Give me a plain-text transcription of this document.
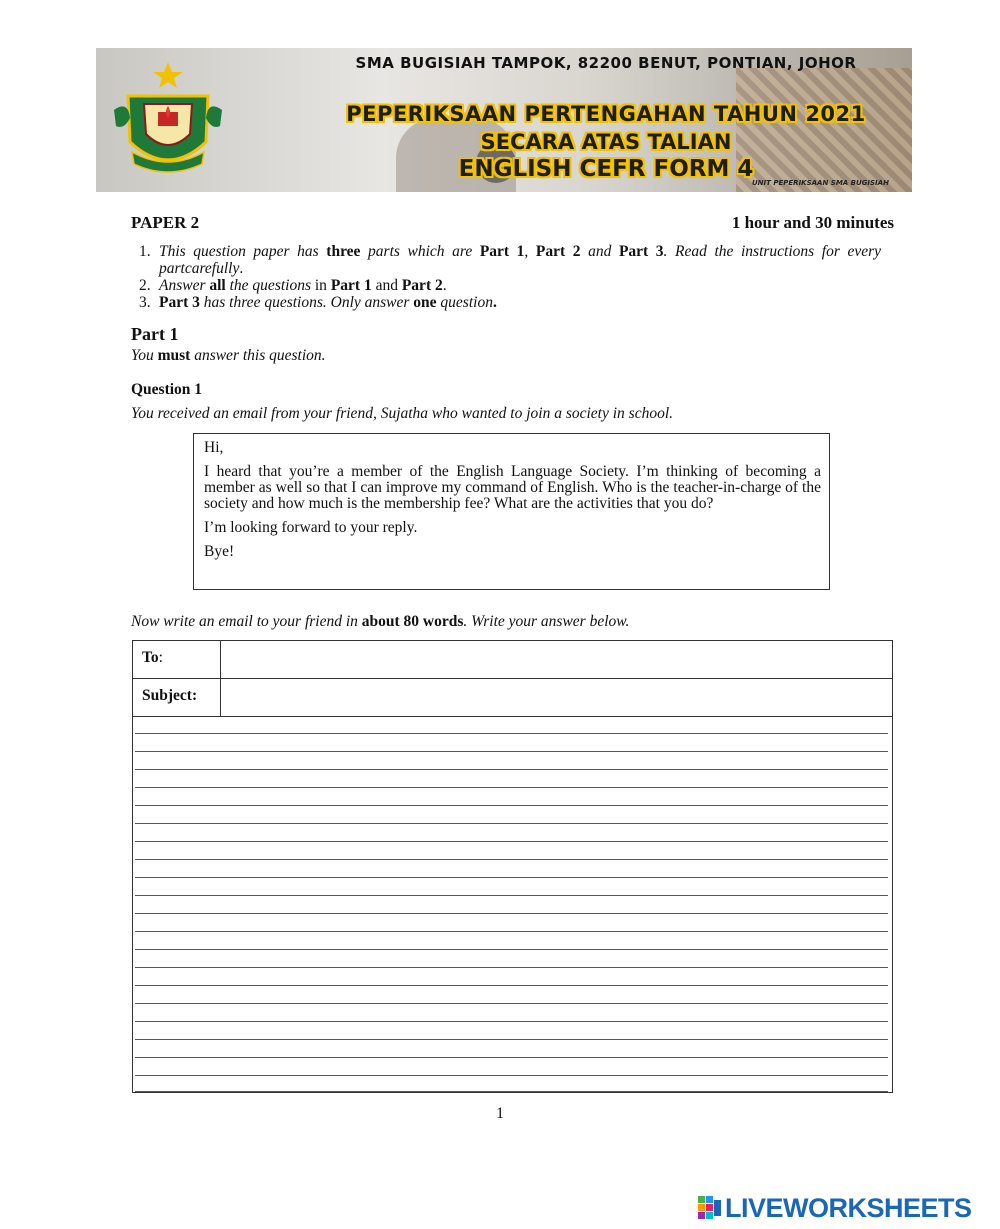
SMA BUGISIAH TAMPOK, 82200 BENUT, PONTIAN, JOHOR
PEPERIKSAAN PERTENGAHAN TAHUN 2021
SECARA ATAS TALIAN
ENGLISH CEFR FORM 4
UNIT PEPERIKSAAN SMA BUGISIAH
PAPER 2	1 hour and 30 minutes
1. This question paper has three parts which are Part 1, Part 2 and Part 3. Read the instructions for every partcarefully.
2. Answer all the questions in Part 1 and Part 2.
3. Part 3 has three questions. Only answer one question.
Part 1
You must answer this question.
Question 1
You received an email from your friend, Sujatha who wanted to join a society in school.

Hi,

I heard that you’re a member of the English Language Society. I’m thinking of becoming a member as well so that I can improve my command of English. Who is the teacher-in-charge of the society and how much is the membership fee? What are the activities that you do?

I’m looking forward to your reply.

Bye!

Now write an email to your friend in about 80 words. Write your answer below.
To:
Subject:
1
LIVEWORKSHEETS
